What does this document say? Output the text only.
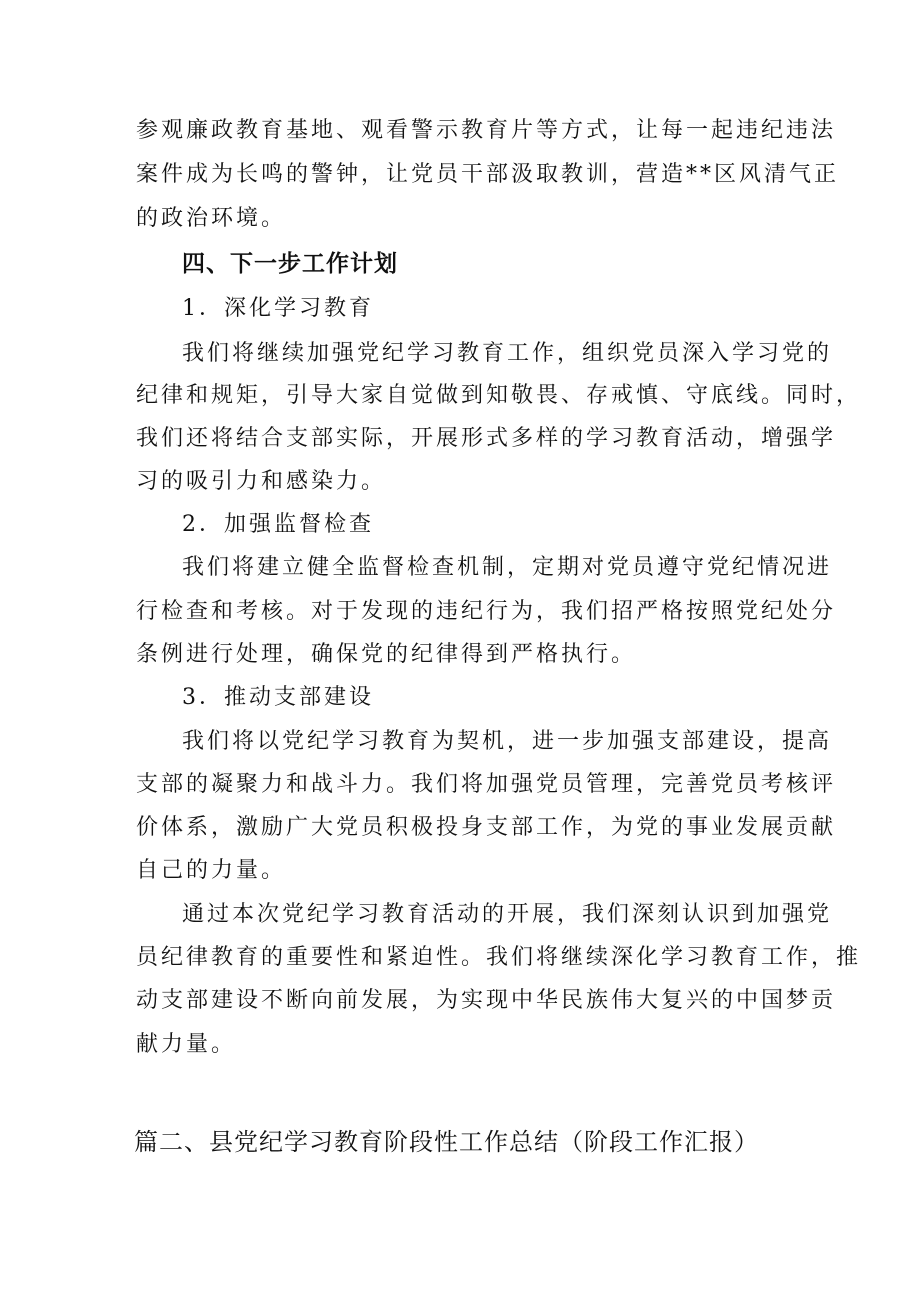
参观廉政教育基地、观看警示教育片等方式，让每一起违纪违法
案件成为长鸣的警钟，让党员干部汲取教训，营造**区风清气正
的政治环境。
四、下一步工作计划
1．深化学习教育
我们将继续加强党纪学习教育工作，组织党员深入学习党的
纪律和规矩，引导大家自觉做到知敬畏、存戒慎、守底线。同时，
我们还将结合支部实际，开展形式多样的学习教育活动，增强学
习的吸引力和感染力。
2．加强监督检查
我们将建立健全监督检查机制，定期对党员遵守党纪情况进
行检查和考核。对于发现的违纪行为，我们招严格按照党纪处分
条例进行处理，确保党的纪律得到严格执行。
3．推动支部建设
我们将以党纪学习教育为契机，进一步加强支部建设，提高
支部的凝聚力和战斗力。我们将加强党员管理，完善党员考核评
价体系，激励广大党员积极投身支部工作，为党的事业发展贡献
自己的力量。
通过本次党纪学习教育活动的开展，我们深刻认识到加强党
员纪律教育的重要性和紧迫性。我们将继续深化学习教育工作，推
动支部建设不断向前发展，为实现中华民族伟大复兴的中国梦贡
献力量。
篇二、县党纪学习教育阶段性工作总结（阶段工作汇报）
